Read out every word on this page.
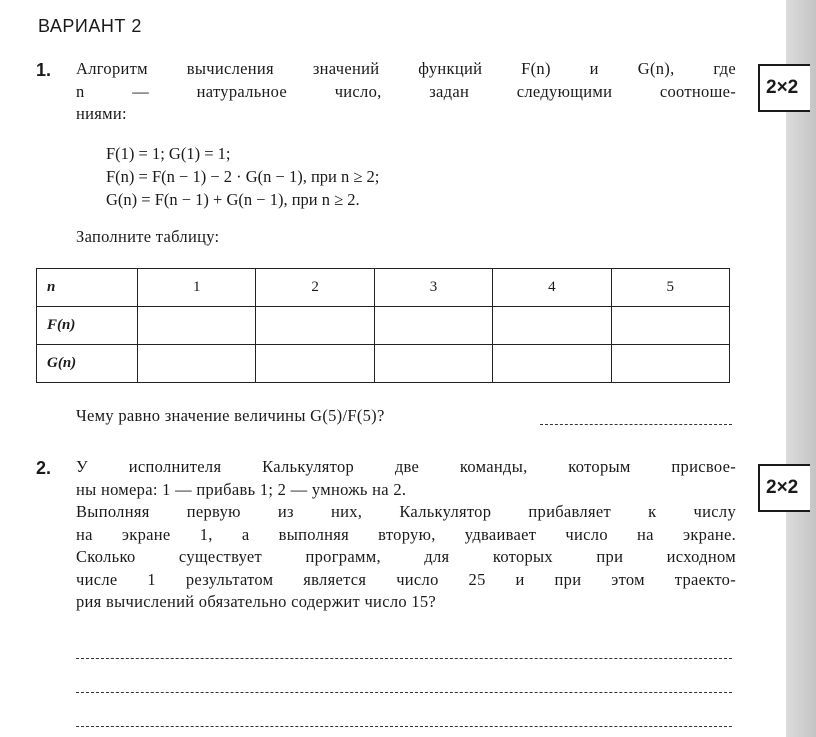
ВАРИАНТ 2
1. Алгоритм вычисления значений функций F(n) и G(n), где
n — натуральное число, задан следующими соотноше-
ниями:
2×2
F(1) = 1; G(1) = 1;
F(n) = F(n − 1) − 2 · G(n − 1), при n ≥ 2;
G(n) = F(n − 1) + G(n − 1), при n ≥ 2.
Заполните таблицу:
n	1	2	3	4	5
F(n)					
G(n)					
Чему равно значение величины G(5)/F(5)?
2. У исполнителя Калькулятор две команды, которым присвое-
ны номера: 1 — прибавь 1; 2 — умножь на 2.
Выполняя первую из них, Калькулятор прибавляет к числу
на экране 1, а выполняя вторую, удваивает число на экране.
Сколько существует программ, для которых при исходном
числе 1 результатом является число 25 и при этом траекто-
рия вычислений обязательно содержит число 15?
2×2
